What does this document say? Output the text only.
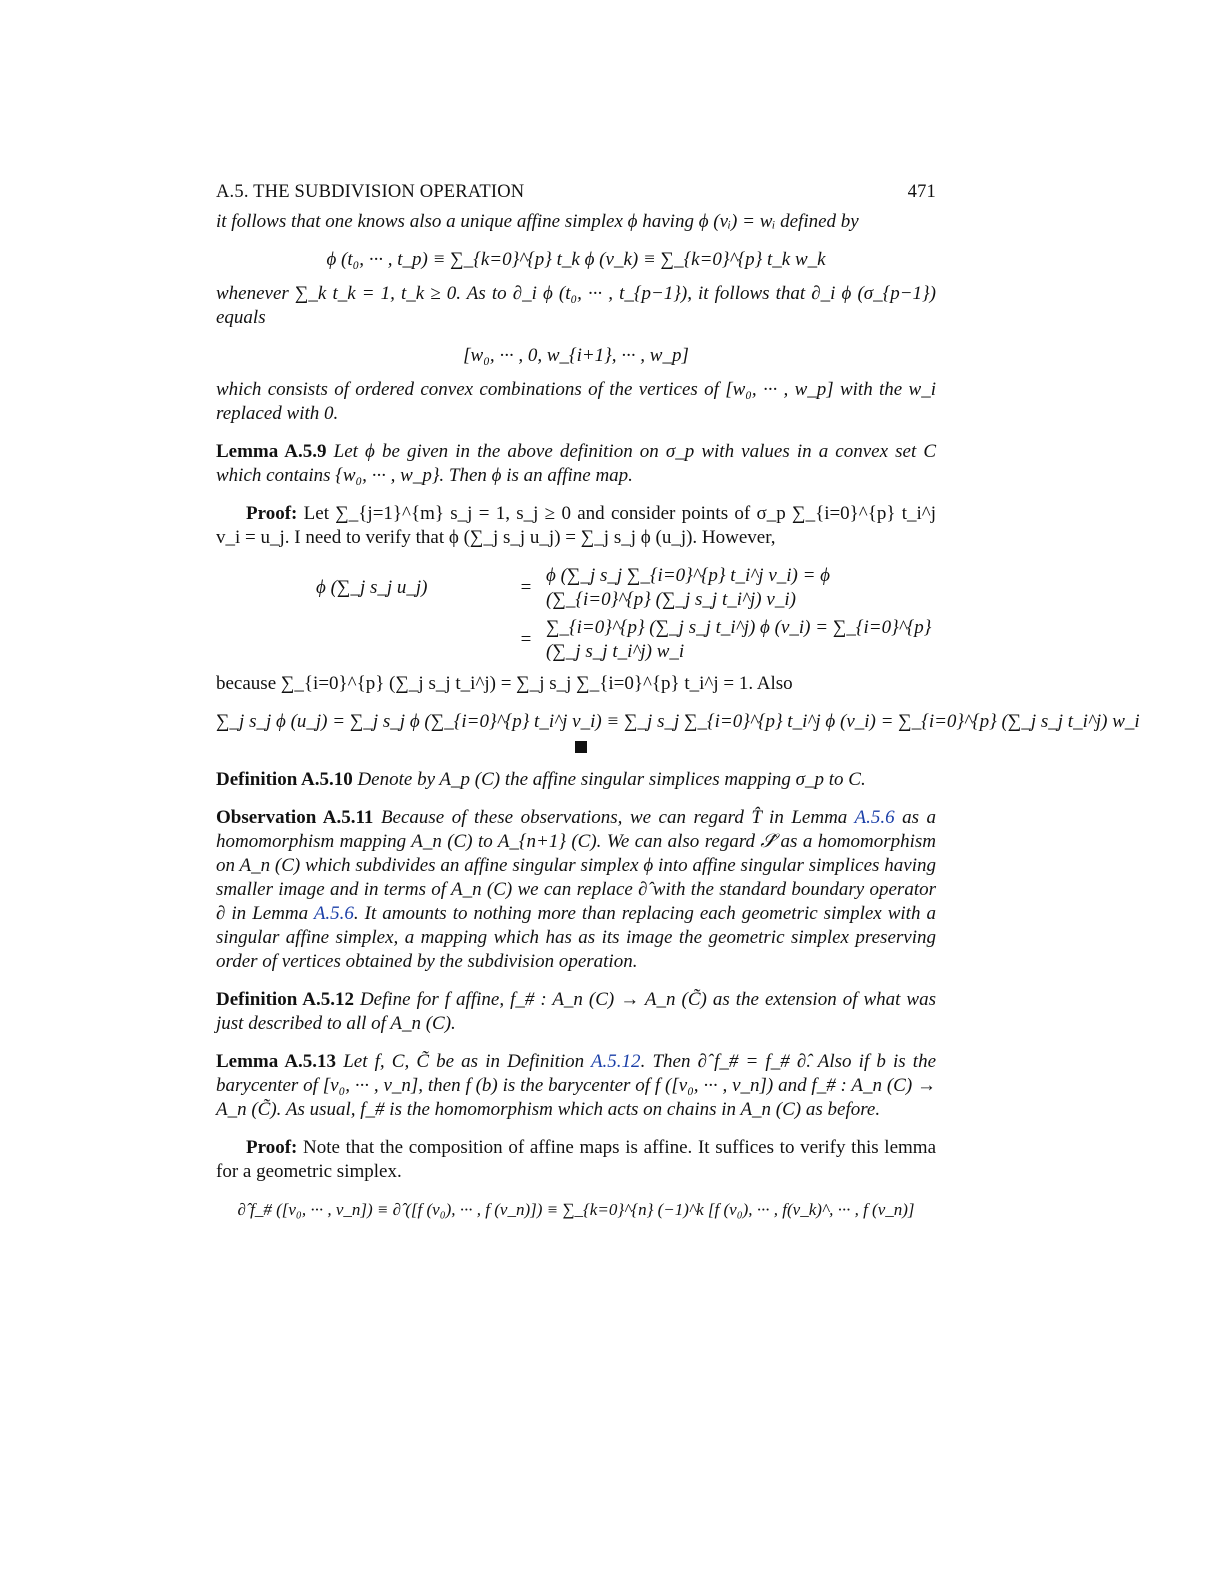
A.5. THE SUBDIVISION OPERATION	471

it follows that one knows also a unique affine simplex ϕ having ϕ (vᵢ) = wᵢ defined by

ϕ (t₀, ··· , t_p) ≡ ∑_{k=0}^{p} t_k ϕ (v_k) ≡ ∑_{k=0}^{p} t_k w_k

whenever ∑_k t_k = 1, t_k ≥ 0. As to ∂_i ϕ (t₀, ··· , t_{p−1}), it follows that ∂_i ϕ (σ_{p−1}) equals

[w₀, ··· , 0, w_{i+1}, ··· , w_p]

which consists of ordered convex combinations of the vertices of [w₀, ··· , w_p] with the w_i replaced with 0.

Lemma A.5.9 Let ϕ be given in the above definition on σ_p with values in a convex set C which contains {w₀, ··· , w_p}. Then ϕ is an affine map.

Proof: Let ∑_{j=1}^{m} s_j = 1, s_j ≥ 0 and consider points of σ_p ∑_{i=0}^{p} t_i^j v_i = u_j. I need to verify that ϕ (∑_j s_j u_j) = ∑_j s_j ϕ (u_j). However,

ϕ (∑_j s_j u_j)	=
ϕ (∑_j s_j ∑_{i=0}^{p} t_i^j v_i) = ϕ (∑_{i=0}^{p} (∑_j s_j t_i^j) v_i)
=
∑_{i=0}^{p} (∑_j s_j t_i^j) ϕ (v_i) = ∑_{i=0}^{p} (∑_j s_j t_i^j) w_i

because ∑_{i=0}^{p} (∑_j s_j t_i^j) = ∑_j s_j ∑_{i=0}^{p} t_i^j = 1. Also

∑_j s_j ϕ (u_j) = ∑_j s_j ϕ (∑_{i=0}^{p} t_i^j v_i) ≡ ∑_j s_j ∑_{i=0}^{p} t_i^j ϕ (v_i) = ∑_{i=0}^{p} (∑_j s_j t_i^j) w_i

Definition A.5.10 Denote by A_p (C) the affine singular simplices mapping σ_p to C.

Observation A.5.11 Because of these observations, we can regard T̂ in Lemma A.5.6 as a homomorphism mapping A_n (C) to A_{n+1} (C). We can also regard 𝒮̂ as a homomorphism on A_n (C) which subdivides an affine singular simplex ϕ into affine singular simplices having smaller image and in terms of A_n (C) we can replace ∂̂ with the standard boundary operator ∂ in Lemma A.5.6. It amounts to nothing more than replacing each geometric simplex with a singular affine simplex, a mapping which has as its image the geometric simplex preserving order of vertices obtained by the subdivision operation.

Definition A.5.12 Define for f affine, f_# : A_n (C) → A_n (C̃) as the extension of what was just described to all of A_n (C).

Lemma A.5.13 Let f, C, C̃ be as in Definition A.5.12. Then ∂̂ f_# = f_# ∂̂. Also if b is the barycenter of [v₀, ··· , v_n], then f (b) is the barycenter of f ([v₀, ··· , v_n]) and f_# : A_n (C) → A_n (C̃). As usual, f_# is the homomorphism which acts on chains in A_n (C) as before.

Proof: Note that the composition of affine maps is affine. It suffices to verify this lemma for a geometric simplex.

∂̂ f_# ([v₀, ··· , v_n]) ≡ ∂̂ ([f (v₀), ··· , f (v_n)]) ≡ ∑_{k=0}^{n} (−1)^k [f (v₀), ··· , f(v_k)^, ··· , f (v_n)]
